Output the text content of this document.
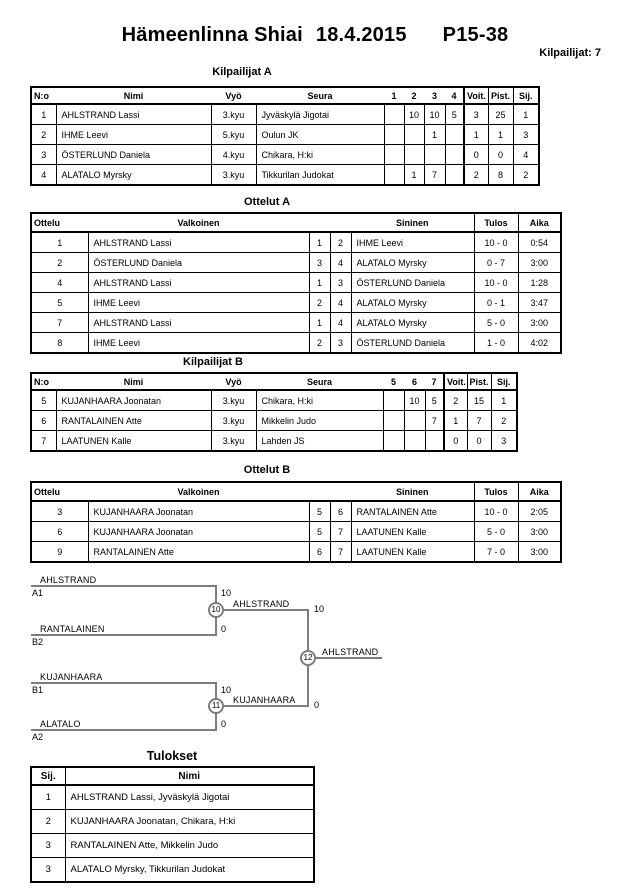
Hämeenlinna Shiai 18.4.2015 P15-38
Kilpailijat: 7
Kilpailijat A
Ottelut A
Kilpailijat B
Ottelut B
Tulokset
N:o	Nimi	Vyö	Seura	1	2	3	4	Voit.	Pist.	Sij.
1	AHLSTRAND Lassi	3.kyu	Jyväskylä Jigotai		10	10	5	3	25	1
2	IHME Leevi	5.kyu	Oulun JK			1		1	1	3
3	ÖSTERLUND Daniela	4.kyu	Chikara, H:ki					0	0	4
4	ALATALO Myrsky	3.kyu	Tikkurilan Judokat		1	7		2	8	2
Ottelu	Valkoinen			Sininen	Tulos	Aika
1	AHLSTRAND Lassi	1	2	IHME Leevi	10 - 0	0:54
2	ÖSTERLUND Daniela	3	4	ALATALO Myrsky	0 - 7	3:00
4	AHLSTRAND Lassi	1	3	ÖSTERLUND Daniela	10 - 0	1:28
5	IHME Leevi	2	4	ALATALO Myrsky	0 - 1	3:47
7	AHLSTRAND Lassi	1	4	ALATALO Myrsky	5 - 0	3:00
8	IHME Leevi	2	3	ÖSTERLUND Daniela	1 - 0	4:02
N:o	Nimi	Vyö	Seura	5	6	7	Voit.	Pist.	Sij.
5	KUJANHAARA Joonatan	3.kyu	Chikara, H:ki		10	5	2	15	1
6	RANTALAINEN Atte	3.kyu	Mikkelin Judo			7	1	7	2
7	LAATUNEN Kalle	3.kyu	Lahden JS				0	0	3
Ottelu	Valkoinen			Sininen	Tulos	Aika
3	KUJANHAARA Joonatan	5	6	RANTALAINEN Atte	10 - 0	2:05
6	KUJANHAARA Joonatan	5	7	LAATUNEN Kalle	5 - 0	3:00
9	RANTALAINEN Atte	6	7	LAATUNEN Kalle	7 - 0	3:00
10
11
12
AHLSTRAND
A1	10
RANTALAINEN
B2
0
AHLSTRAND	10
KUJANHAARA
B1	10
ALATALO
A2
0
KUJANHAARA 0
AHLSTRAND
Sij.	Nimi
1	AHLSTRAND Lassi, Jyväskylä Jigotai
2	KUJANHAARA Joonatan, Chikara, H:ki
3	RANTALAINEN Atte, Mikkelin Judo
3	ALATALO Myrsky, Tikkurilan Judokat
